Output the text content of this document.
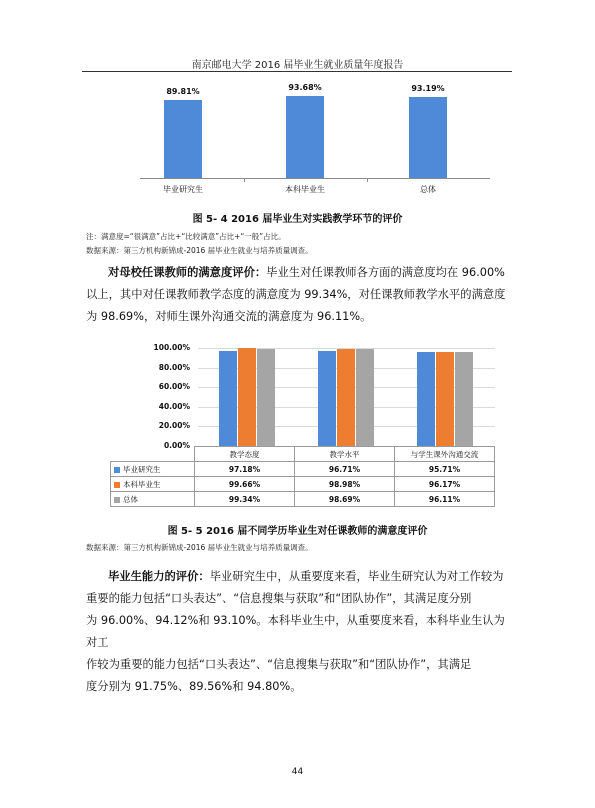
南京邮电大学 2016 届毕业生就业质量年度报告
89.81%
毕业研究生
93.68%
本科毕业生
93.19%
总体
图 5- 4 2016 届毕业生对实践教学环节的评价
注：满意度=“很满意”占比+“比较满意”占比+“一般”占比。
数据来源：第三方机构新锦成-2016 届毕业生就业与培养质量调查。
对母校任课教师的满意度评价：毕业生对任课教师各方面的满意度均在 96.00%
以上，其中对任课教师教学态度的满意度为 99.34%，对任课教师教学水平的满意度
为 98.69%，对师生课外沟通交流的满意度为 96.11%。
100.00%
80.00%
60.00%
40.00%
20.00%
0.00%
	教学态度	教学水平	与学生课外沟通交流
毕业研究生	97.18%	96.71%	95.71%
本科毕业生	99.66%	98.98%	96.17%
总体	99.34%	98.69%	96.11%
图 5- 5 2016 届不同学历毕业生对任课教师的满意度评价
数据来源：第三方机构新锦成-2016 届毕业生就业与培养质量调查。
毕业生能力的评价：毕业研究生中，从重要度来看，毕业生研究认为对工作较为
重要的能力包括“口头表达”、“信息搜集与获取”和“团队协作”，其满足度分别
为 96.00%、94.12%和 93.10%。本科毕业生中，从重要度来看，本科毕业生认为对工
作较为重要的能力包括“口头表达”、“信息搜集与获取”和“团队协作”，其满足
度分别为 91.75%、89.56%和 94.80%。
44
